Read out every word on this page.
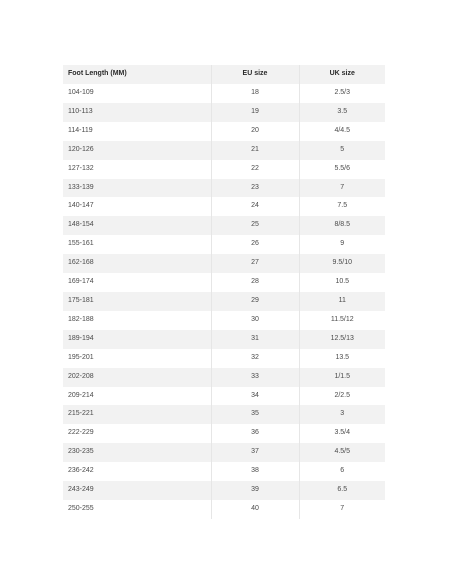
Foot Length (MM)	EU size	UK size
104-109	18	2.5/3
110-113	19	3.5
114-119	20	4/4.5
120-126	21	5
127-132	22	5.5/6
133-139	23	7
140-147	24	7.5
148-154	25	8/8.5
155-161	26	9
162-168	27	9.5/10
169-174	28	10.5
175-181	29	11
182-188	30	11.5/12
189-194	31	12.5/13
195-201	32	13.5
202-208	33	1/1.5
209-214	34	2/2.5
215-221	35	3
222-229	36	3.5/4
230-235	37	4.5/5
236-242	38	6
243-249	39	6.5
250-255	40	7
